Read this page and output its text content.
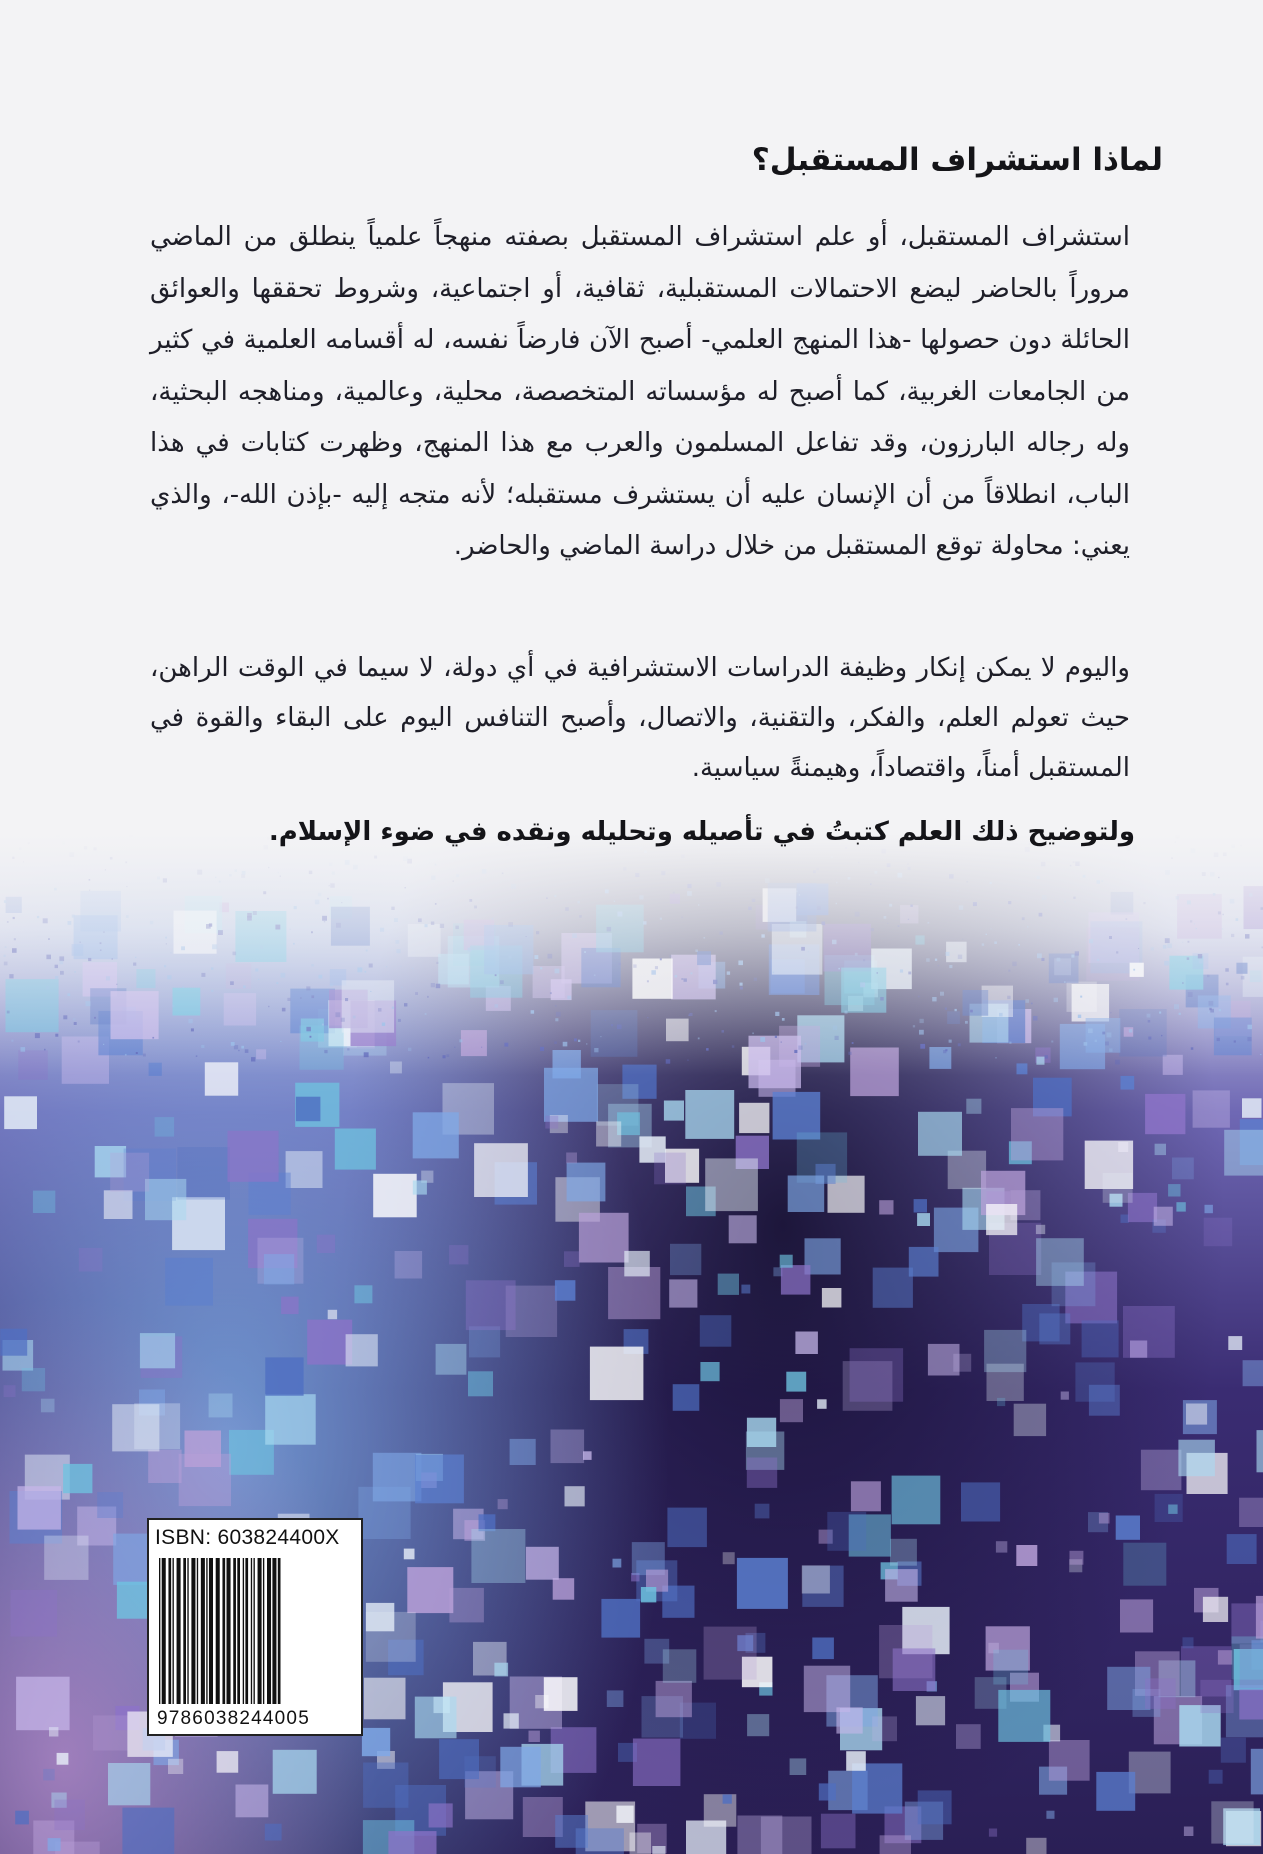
لماذا استشراف المستقبل؟

استشراف المستقبل، أو علم استشراف المستقبل بصفته منهجاً علمياً ينطلق من الماضي مروراً بالحاضر ليضع الاحتمالات المستقبلية، ثقافية، أو اجتماعية، وشروط تحققها والعوائق الحائلة دون حصولها -هذا المنهج العلمي- أصبح الآن فارضاً نفسه، له أقسامه العلمية في كثير من الجامعات الغربية، كما أصبح له مؤسساته المتخصصة، محلية، وعالمية، ومناهجه البحثية، وله رجاله البارزون، وقد تفاعل المسلمون والعرب مع هذا المنهج، وظهرت كتابات في هذا الباب، انطلاقاً من أن الإنسان عليه أن يستشرف مستقبله؛ لأنه متجه إليه -بإذن الله-، والذي يعني: محاولة توقع المستقبل من خلال دراسة الماضي والحاضر.

واليوم لا يمكن إنكار وظيفة الدراسات الاستشرافية في أي دولة، لا سيما في الوقت الراهن، حيث تعولم العلم، والفكر، والتقنية، والاتصال، وأصبح التنافس اليوم على البقاء والقوة في المستقبل أمناً، واقتصاداً، وهيمنةً سياسية.

ولتوضيح ذلك العلم كتبتُ في تأصيله وتحليله ونقده في ضوء الإسلام.

ISBN: 603824400X
9786038244005
